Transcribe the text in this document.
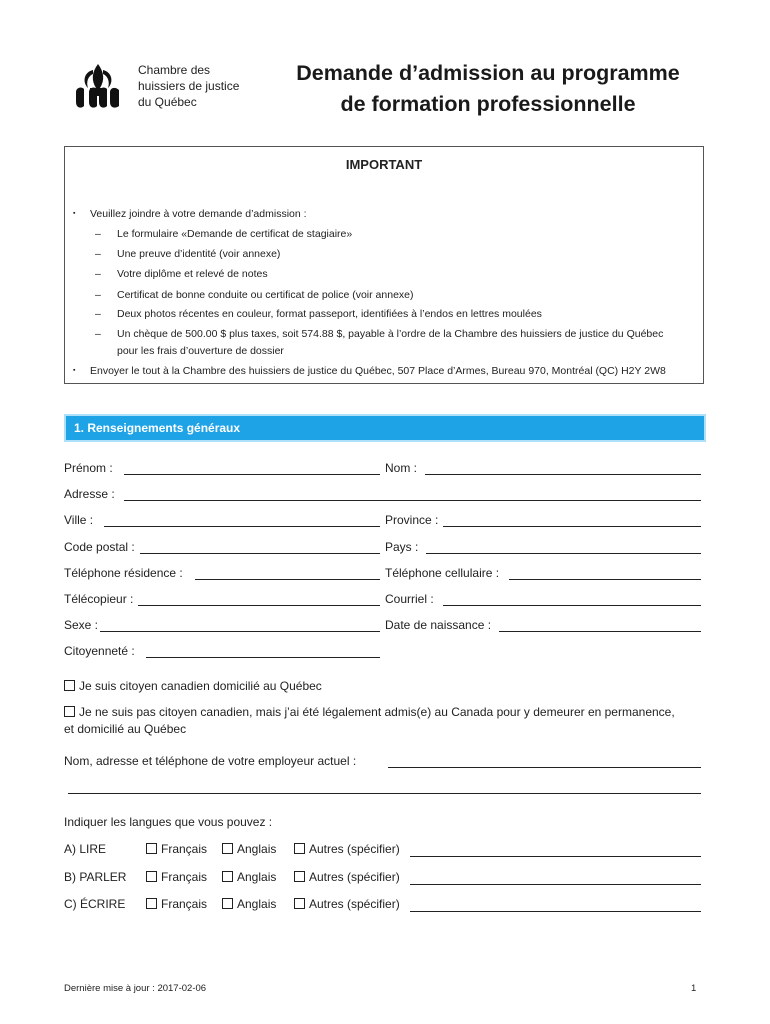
Chambre des
huissiers de justice
du Québec
Demande d’admission au programme
de formation professionnelle
IMPORTANT
▪ Veuillez joindre à votre demande d’admission :
– Le formulaire «Demande de certificat de stagiaire»
– Une preuve d’identité (voir annexe)
– Votre diplôme et relevé de notes
– Certificat de bonne conduite ou certificat de police (voir annexe)
– Deux photos récentes en couleur, format passeport, identifiées à l’endos en lettres moulées
– Un chèque de 500.00 $ plus taxes, soit 574.88 $, payable à l’ordre de la Chambre des huissiers de justice du Québec
pour les frais d’ouverture de dossier
▪ Envoyer le tout à la Chambre des huissiers de justice du Québec, 507 Place d’Armes, Bureau 970, Montréal (QC) H2Y 2W8
1. Renseignements généraux
Prénom :	Nom :
Adresse :
Ville :	Province :
Code postal :	Pays :
Téléphone résidence :	Téléphone cellulaire :
Télécopieur :	Courriel :
Sexe :	Date de naissance :
Citoyenneté :
Je suis citoyen canadien domicilié au Québec
Je ne suis pas citoyen canadien, mais j’ai été légalement admis(e) au Canada pour y demeurer en permanence,
et domicilié au Québec
Nom, adresse et téléphone de votre employeur actuel :
Indiquer les langues que vous pouvez :
A) LIRE	Français	Anglais	Autres (spécifier)
B) PARLER	Français	Anglais	Autres (spécifier)
C) ÉCRIRE	Français	Anglais	Autres (spécifier)
Dernière mise à jour : 2017-02-06	1
